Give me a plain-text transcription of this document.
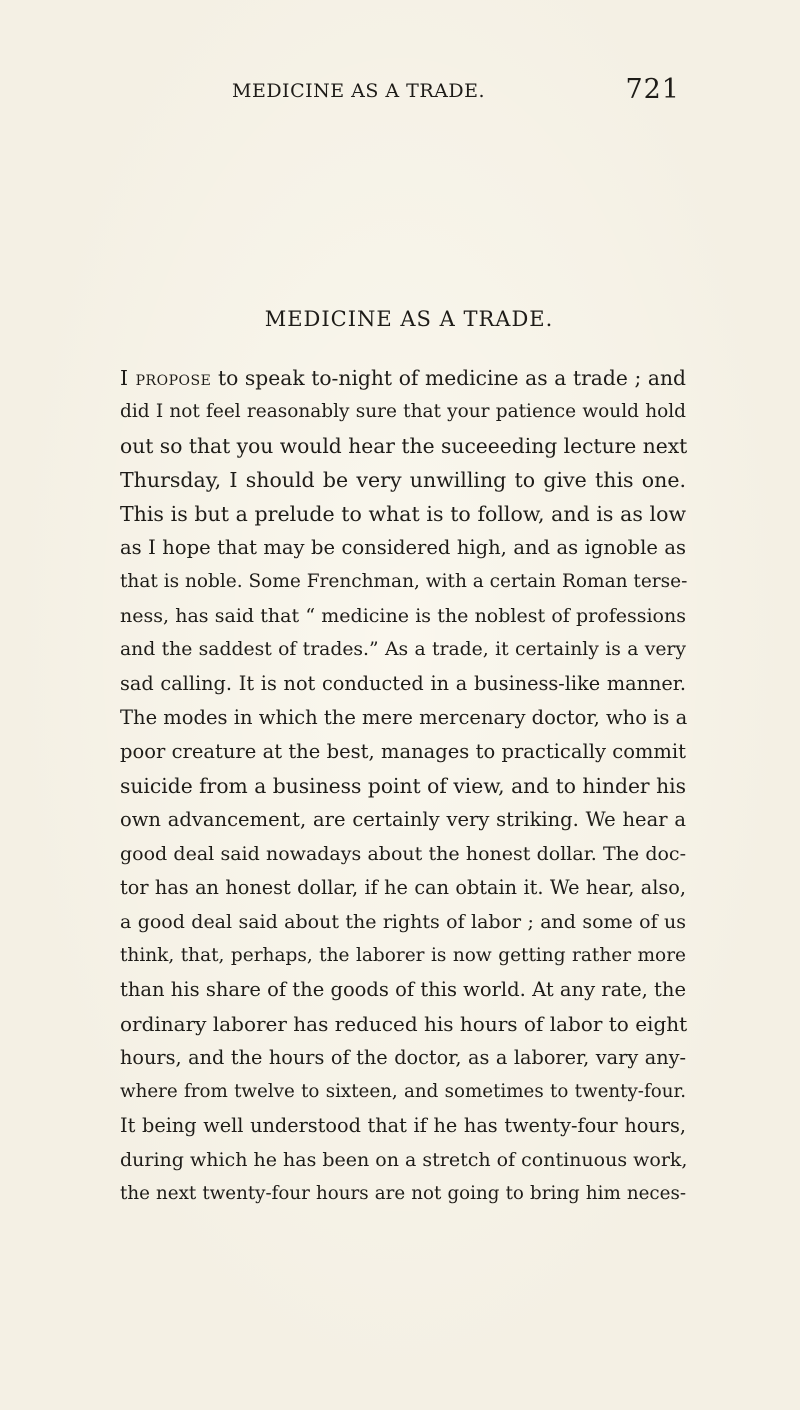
MEDICINE AS A TRADE.	721
MEDICINE AS A TRADE.
I propose to speak to-night of medicine as a trade ; and
did I not feel reasonably sure that your patience would hold
out so that you would hear the suceeeding lecture next
Thursday, I should be very unwilling to give this one.
This is but a prelude to what is to follow, and is as low
as I hope that may be considered high, and as ignoble as
that is noble. Some Frenchman, with a certain Roman terse-
ness, has said that “ medicine is the noblest of professions
and the saddest of trades.” As a trade, it certainly is a very
sad calling. It is not conducted in a business-like manner.
The modes in which the mere mercenary doctor, who is a
poor creature at the best, manages to practically commit
suicide from a business point of view, and to hinder his
own advancement, are certainly very striking. We hear a
good deal said nowadays about the honest dollar. The doc-
tor has an honest dollar, if he can obtain it. We hear, also,
a good deal said about the rights of labor ; and some of us
think, that, perhaps, the laborer is now getting rather more
than his share of the goods of this world. At any rate, the
ordinary laborer has reduced his hours of labor to eight
hours, and the hours of the doctor, as a laborer, vary any-
where from twelve to sixteen, and sometimes to twenty-four.
It being well understood that if he has twenty-four hours,
during which he has been on a stretch of continuous work,
the next twenty-four hours are not going to bring him neces-
